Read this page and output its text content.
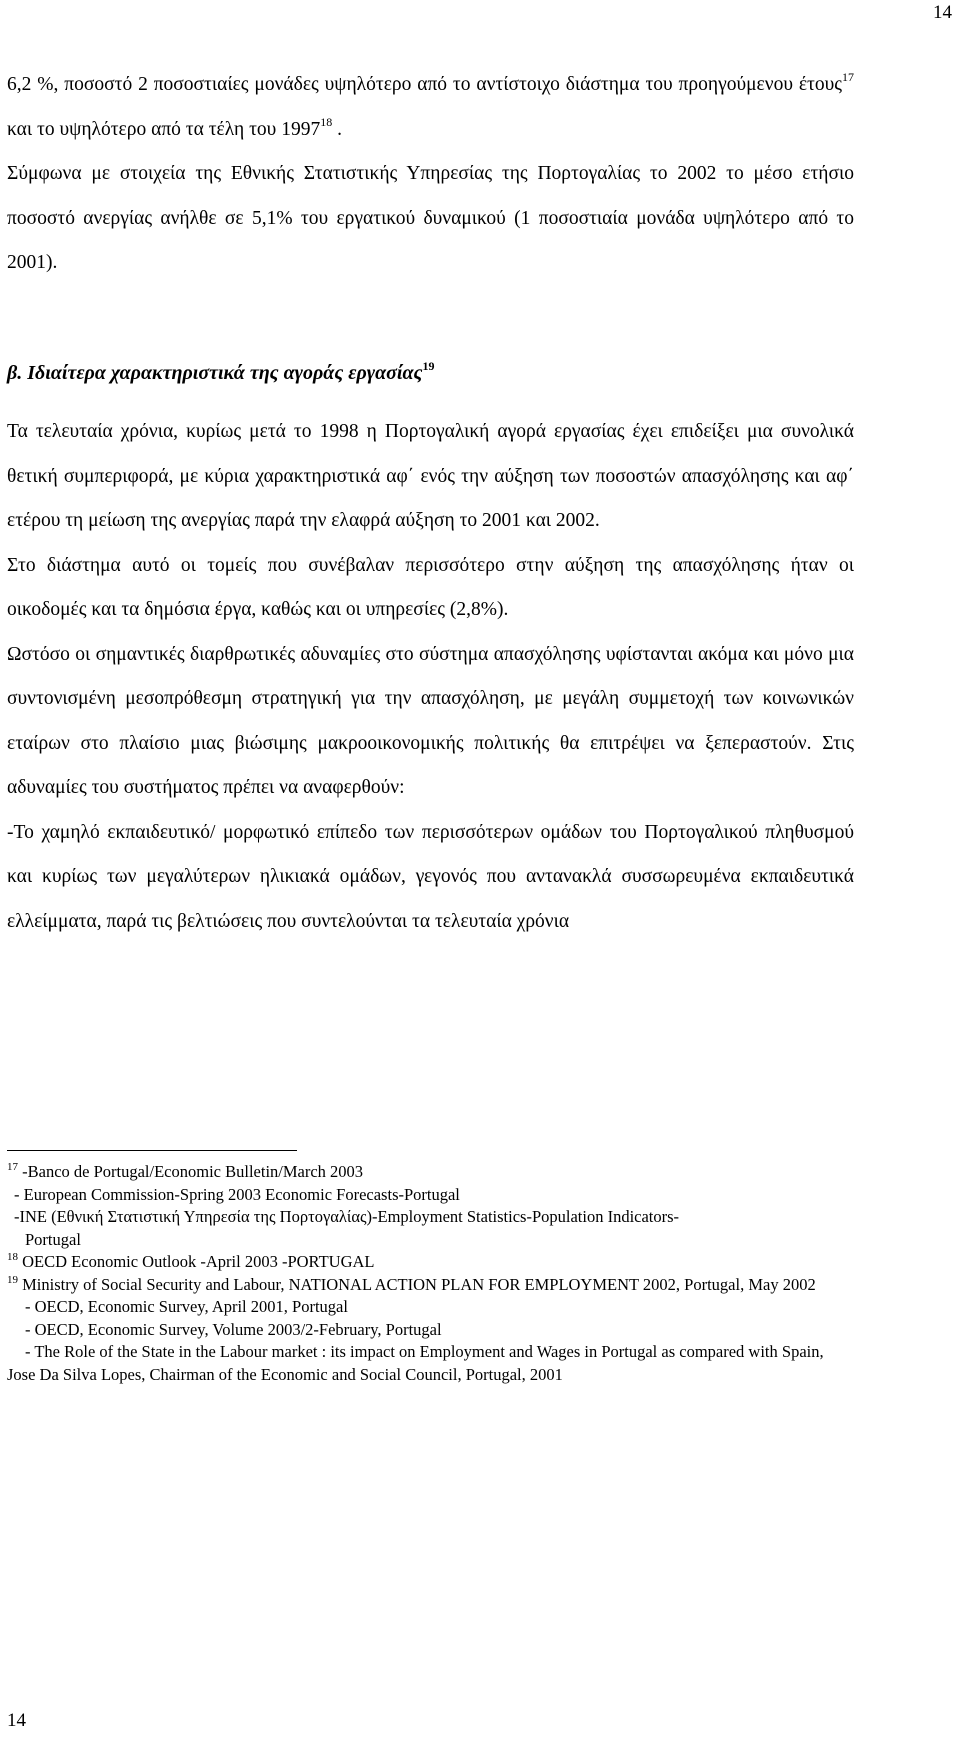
14

6,2 %, ποσοστό 2 ποσοστιαίες μονάδες υψηλότερο από το αντίστοιχο διάστημα του προηγούμενου έτους$^{17}$ και το υψηλότερο από τα τέλη του 1997$^{18}$ .

Σύμφωνα με στοιχεία της Εθνικής Στατιστικής Υπηρεσίας της Πορτογαλίας το 2002 το μέσο ετήσιο ποσοστό ανεργίας ανήλθε σε 5,1% του εργατικού δυναμικού (1 ποσοστιαία μονάδα υψηλότερο από το 2001).

β. Ιδιαίτερα χαρακτηριστικά της αγοράς εργασίας$^{19}$

Τα τελευταία χρόνια, κυρίως μετά το 1998 η Πορτογαλική αγορά εργασίας έχει επιδείξει μια συνολικά θετική συμπεριφορά, με κύρια χαρακτηριστικά αφ΄ ενός την αύξηση των ποσοστών απασχόλησης και αφ΄ ετέρου τη μείωση της ανεργίας παρά την ελαφρά αύξηση το 2001 και 2002.

Στο διάστημα αυτό οι τομείς που συνέβαλαν περισσότερο στην αύξηση της απασχόλησης ήταν οι οικοδομές και τα δημόσια έργα, καθώς και οι υπηρεσίες (2,8%).

Ωστόσο οι σημαντικές διαρθρωτικές αδυναμίες στο σύστημα απασχόλησης υφίστανται ακόμα και μόνο μια συντονισμένη μεσοπρόθεσμη στρατηγική για την απασχόληση, με μεγάλη συμμετοχή των κοινωνικών εταίρων στο πλαίσιο μιας βιώσιμης μακροοικονομικής πολιτικής θα επιτρέψει να ξεπεραστούν. Στις αδυναμίες του συστήματος πρέπει να αναφερθούν:

-Το χαμηλό εκπαιδευτικό/ μορφωτικό επίπεδο των περισσότερων ομάδων του Πορτογαλικού πληθυσμού και κυρίως των μεγαλύτερων ηλικιακά ομάδων, γεγονός που αντανακλά συσσωρευμένα εκπαιδευτικά ελλείμματα, παρά τις βελτιώσεις που συντελούνται τα τελευταία χρόνια

$^{17}$ -Banco de Portugal/Economic Bulletin/March 2003
- European Commission-Spring 2003 Economic Forecasts-Portugal
-INE (Εθνική Στατιστική Υπηρεσία της Πορτογαλίας)-Employment Statistics-Population Indicators-
Portugal
$^{18}$ OECD Economic Outlook -April 2003 -PORTUGAL
$^{19}$ Ministry of Social Security and Labour, NATIONAL ACTION PLAN FOR EMPLOYMENT 2002, Portugal, May 2002
- OECD, Economic Survey, April 2001, Portugal
- OECD, Economic Survey, Volume 2003/2-February, Portugal
- The Role of the State in the Labour market : its impact on Employment and Wages in Portugal as compared with Spain, Jose Da Silva Lopes, Chairman of the Economic and Social Council, Portugal, 2001
14
